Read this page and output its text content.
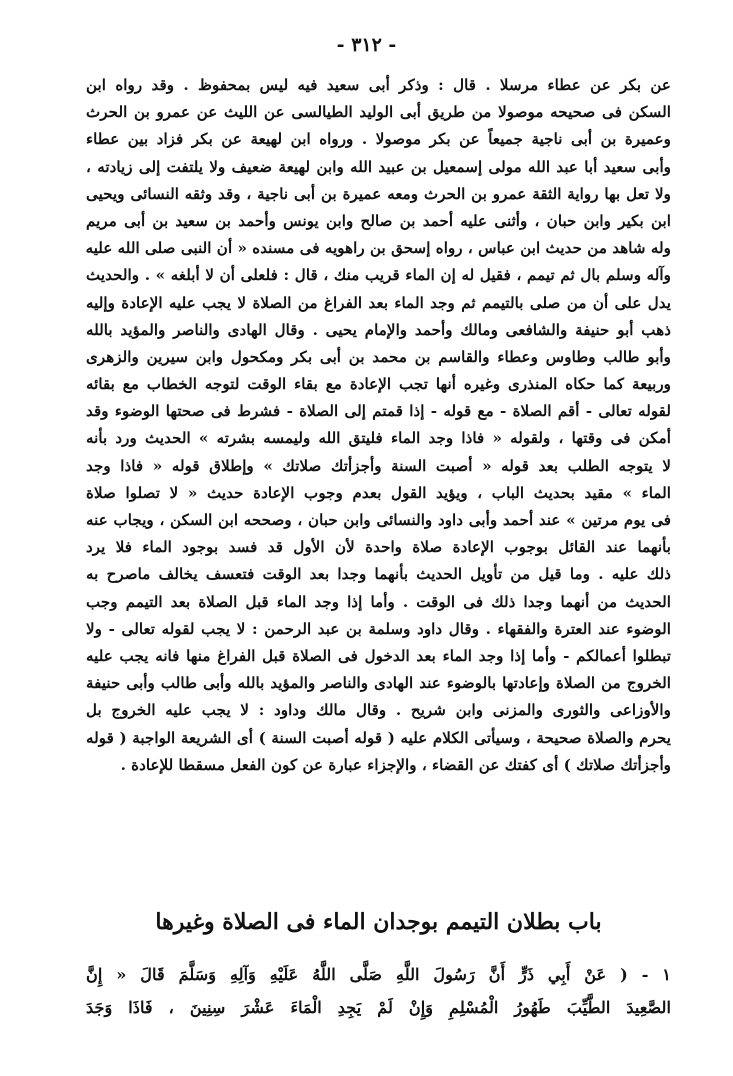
- ٣١٢ -
عن بكر عن عطاء مرسلا . قال : وذكر أبى سعيد فيه ليس بمحفوظ . وقد رواه ابن
السكن فى صحيحه موصولا من طريق أبى الوليد الطيالسى عن الليث عن عمرو بن الحرث
وعميرة بن أبى ناجية جميعاً عن بكر موصولا . ورواه ابن لهيعة عن بكر فزاد بين عطاء
وأبى سعيد أبا عبد الله مولى إسمعيل بن عبيد الله وابن لهيعة ضعيف ولا يلتفت إلى زيادته ،
ولا تعل بها رواية الثقة عمرو بن الحرث ومعه عميرة بن أبى ناجية ، وقد وثقه النسائى ويحيى
ابن بكير وابن حبان ، وأثنى عليه أحمد بن صالح وابن يونس وأحمد بن سعيد بن أبى مريم
وله شاهد من حديث ابن عباس ، رواه إسحق بن راهويه فى مسنده « أن النبى صلى الله عليه
وآله وسلم بال ثم تيمم ، فقيل له إن الماء قريب منك ، قال : فلعلى أن لا أبلغه » . والحديث
يدل على أن من صلى بالتيمم ثم وجد الماء بعد الفراغ من الصلاة لا يجب عليه الإعادة وإليه
ذهب أبو حنيفة والشافعى ومالك وأحمد والإمام يحيى . وقال الهادى والناصر والمؤيد بالله
وأبو طالب وطاوس وعطاء والقاسم بن محمد بن أبى بكر ومكحول وابن سيرين والزهرى
وربيعة كما حكاه المنذرى وغيره أنها تجب الإعادة مع بقاء الوقت لتوجه الخطاب مع بقائه
لقوله تعالى - أقم الصلاة - مع قوله - إذا قمتم إلى الصلاة - فشرط فى صحتها الوضوء وقد
أمكن فى وقتها ، ولقوله « فاذا وجد الماء فليتق الله وليمسه بشرته » الحديث ورد بأنه
لا يتوجه الطلب بعد قوله « أصبت السنة وأجزأتك صلاتك » وإطلاق قوله « فاذا وجد
الماء » مقيد بحديث الباب ، ويؤيد القول بعدم وجوب الإعادة حديث « لا تصلوا صلاة
فى يوم مرتين » عند أحمد وأبى داود والنسائى وابن حبان ، وصححه ابن السكن ، ويجاب عنه
بأنهما عند القائل بوجوب الإعادة صلاة واحدة لأن الأول قد فسد بوجود الماء فلا يرد
ذلك عليه . وما قيل من تأويل الحديث بأنهما وجدا بعد الوقت فتعسف يخالف ماصرح به
الحديث من أنهما وجدا ذلك فى الوقت . وأما إذا وجد الماء قبل الصلاة بعد التيمم وجب
الوضوء عند العترة والفقهاء . وقال داود وسلمة بن عبد الرحمن : لا يجب لقوله تعالى - ولا
تبطلوا أعمالكم - وأما إذا وجد الماء بعد الدخول فى الصلاة قبل الفراغ منها فانه يجب عليه
الخروج من الصلاة وإعادتها بالوضوء عند الهادى والناصر والمؤيد بالله وأبى طالب وأبى حنيفة
والأوزاعى والثورى والمزنى وابن شريح . وقال مالك وداود : لا يجب عليه الخروج بل
يحرم والصلاة صحيحة ، وسيأتى الكلام عليه ( قوله أصبت السنة ) أى الشريعة الواجبة ( قوله
وأجزأتك صلاتك ) أى كفتك عن القضاء ، والإجزاء عبارة عن كون الفعل مسقطا للإعادة .
باب بطلان التيمم بوجدان الماء فى الصلاة وغيرها
١ - ( عَنْ أَبِي ذَرٍّ أَنَّ رَسُولَ اللَّهِ صَلَّى اللَّهُ عَلَيْهِ وَآلِهِ وَسَلَّمَ قَالَ « إِنَّ
الصَّعِيدَ الطَّيِّبَ طَهُورُ الْمُسْلِمِ وَإِنْ لَمْ يَجِدِ الْمَاءَ عَشْرَ سِنِينَ ، فَاذَا وَجَدَ
